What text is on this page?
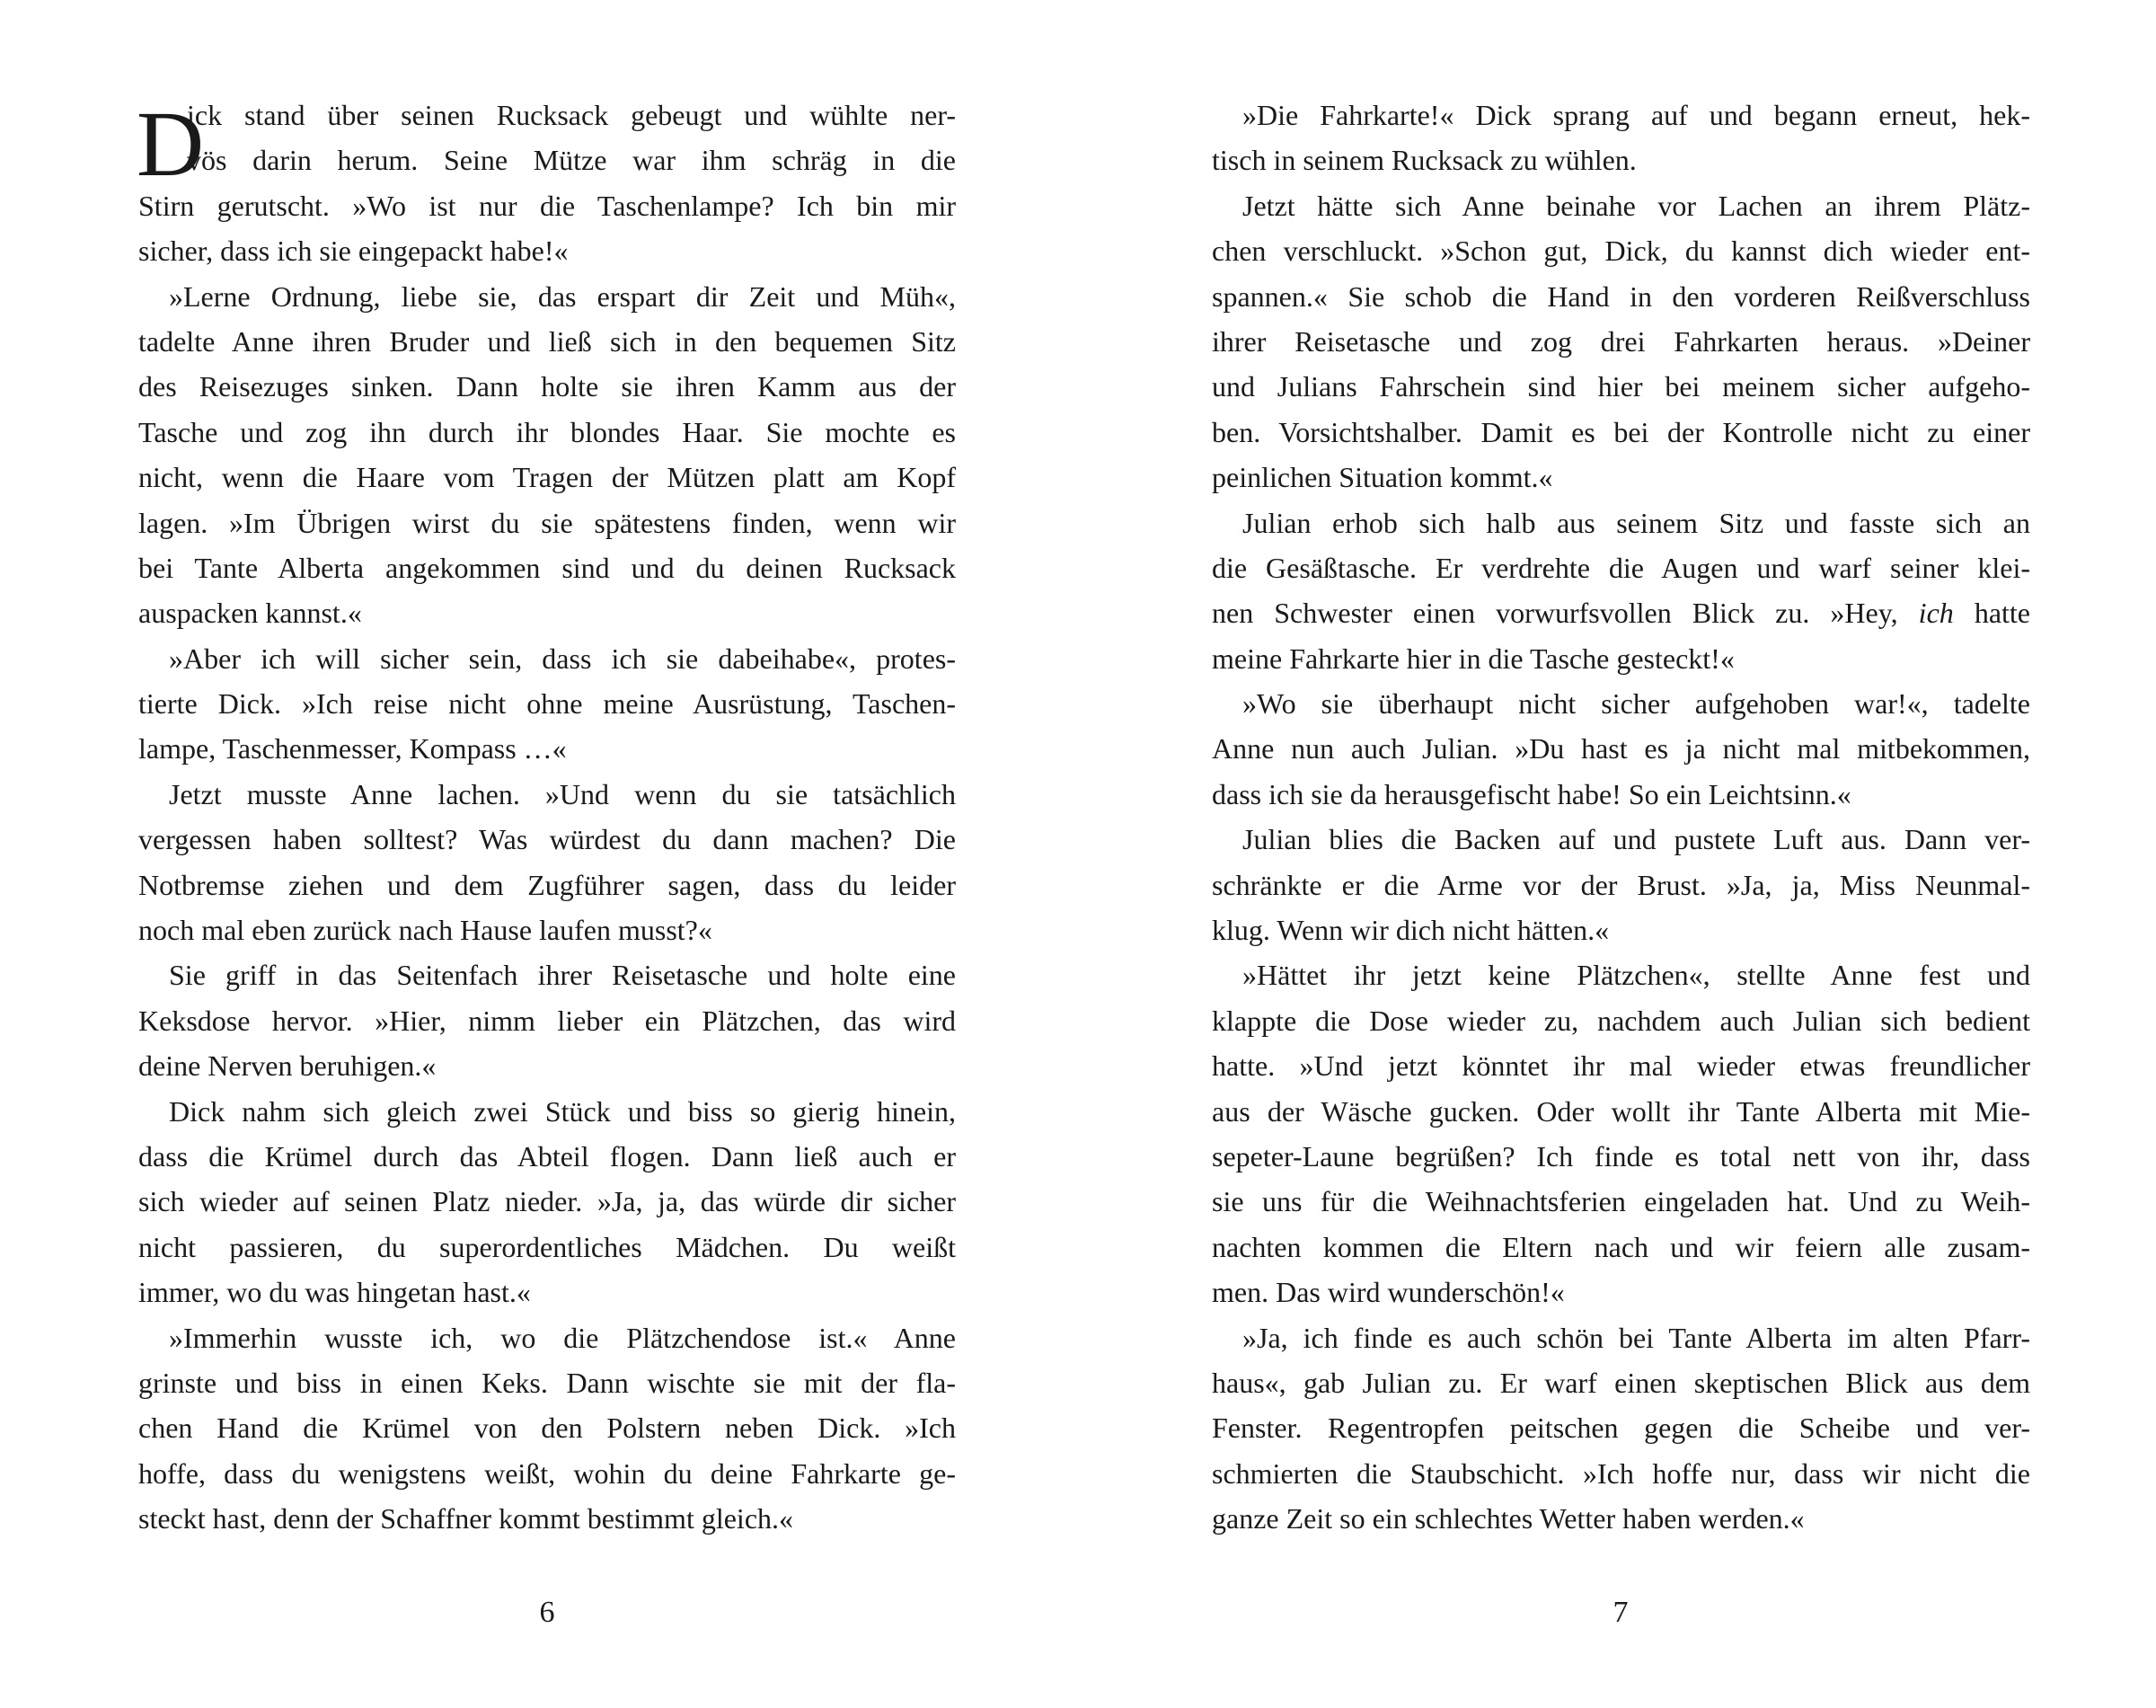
D
ick stand über seinen Rucksack gebeugt und wühlte ner-
vös darin herum. Seine Mütze war ihm schräg in die
Stirn gerutscht. »Wo ist nur die Taschenlampe? Ich bin mir
sicher, dass ich sie eingepackt habe!«
»Lerne Ordnung, liebe sie, das erspart dir Zeit und Müh«,
tadelte Anne ihren Bruder und ließ sich in den bequemen Sitz
des Reisezuges sinken. Dann holte sie ihren Kamm aus der
Tasche und zog ihn durch ihr blondes Haar. Sie mochte es
nicht, wenn die Haare vom Tragen der Mützen platt am Kopf
lagen. »Im Übrigen wirst du sie spätestens finden, wenn wir
bei Tante Alberta angekommen sind und du deinen Rucksack
auspacken kannst.«
»Aber ich will sicher sein, dass ich sie dabeihabe«, protes-
tierte Dick. »Ich reise nicht ohne meine Ausrüstung, Taschen-
lampe, Taschenmesser, Kompass …«
Jetzt musste Anne lachen. »Und wenn du sie tatsächlich
vergessen haben solltest? Was würdest du dann machen? Die
Notbremse ziehen und dem Zugführer sagen, dass du leider
noch mal eben zurück nach Hause laufen musst?«
Sie griff in das Seitenfach ihrer Reisetasche und holte eine
Keksdose hervor. »Hier, nimm lieber ein Plätzchen, das wird
deine Nerven beruhigen.«
Dick nahm sich gleich zwei Stück und biss so gierig hinein,
dass die Krümel durch das Abteil flogen. Dann ließ auch er
sich wieder auf seinen Platz nieder. »Ja, ja, das würde dir sicher
nicht passieren, du superordentliches Mädchen. Du weißt
immer, wo du was hingetan hast.«
»Immerhin wusste ich, wo die Plätzchendose ist.« Anne
grinste und biss in einen Keks. Dann wischte sie mit der fla-
chen Hand die Krümel von den Polstern neben Dick. »Ich
hoffe, dass du wenigstens weißt, wohin du deine Fahrkarte ge-
steckt hast, denn der Schaffner kommt bestimmt gleich.«
6
»Die Fahrkarte!« Dick sprang auf und begann erneut, hek-
tisch in seinem Rucksack zu wühlen.
Jetzt hätte sich Anne beinahe vor Lachen an ihrem Plätz-
chen verschluckt. »Schon gut, Dick, du kannst dich wieder ent-
spannen.« Sie schob die Hand in den vorderen Reißverschluss
ihrer Reisetasche und zog drei Fahrkarten heraus. »Deiner
und Julians Fahrschein sind hier bei meinem sicher aufgeho-
ben. Vorsichtshalber. Damit es bei der Kontrolle nicht zu einer
peinlichen Situation kommt.«
Julian erhob sich halb aus seinem Sitz und fasste sich an
die Gesäßtasche. Er verdrehte die Augen und warf seiner klei-
nen Schwester einen vorwurfsvollen Blick zu. »Hey, ich hatte
meine Fahrkarte hier in die Tasche gesteckt!«
»Wo sie überhaupt nicht sicher aufgehoben war!«, tadelte
Anne nun auch Julian. »Du hast es ja nicht mal mitbekommen,
dass ich sie da herausgefischt habe! So ein Leichtsinn.«
Julian blies die Backen auf und pustete Luft aus. Dann ver-
schränkte er die Arme vor der Brust. »Ja, ja, Miss Neunmal-
klug. Wenn wir dich nicht hätten.«
»Hättet ihr jetzt keine Plätzchen«, stellte Anne fest und
klappte die Dose wieder zu, nachdem auch Julian sich bedient
hatte. »Und jetzt könntet ihr mal wieder etwas freundlicher
aus der Wäsche gucken. Oder wollt ihr Tante Alberta mit Mie-
sepeter-Laune begrüßen? Ich finde es total nett von ihr, dass
sie uns für die Weihnachtsferien eingeladen hat. Und zu Weih-
nachten kommen die Eltern nach und wir feiern alle zusam-
men. Das wird wunderschön!«
»Ja, ich finde es auch schön bei Tante Alberta im alten Pfarr-
haus«, gab Julian zu. Er warf einen skeptischen Blick aus dem
Fenster. Regentropfen peitschen gegen die Scheibe und ver-
schmierten die Staubschicht. »Ich hoffe nur, dass wir nicht die
ganze Zeit so ein schlechtes Wetter haben werden.«
7
